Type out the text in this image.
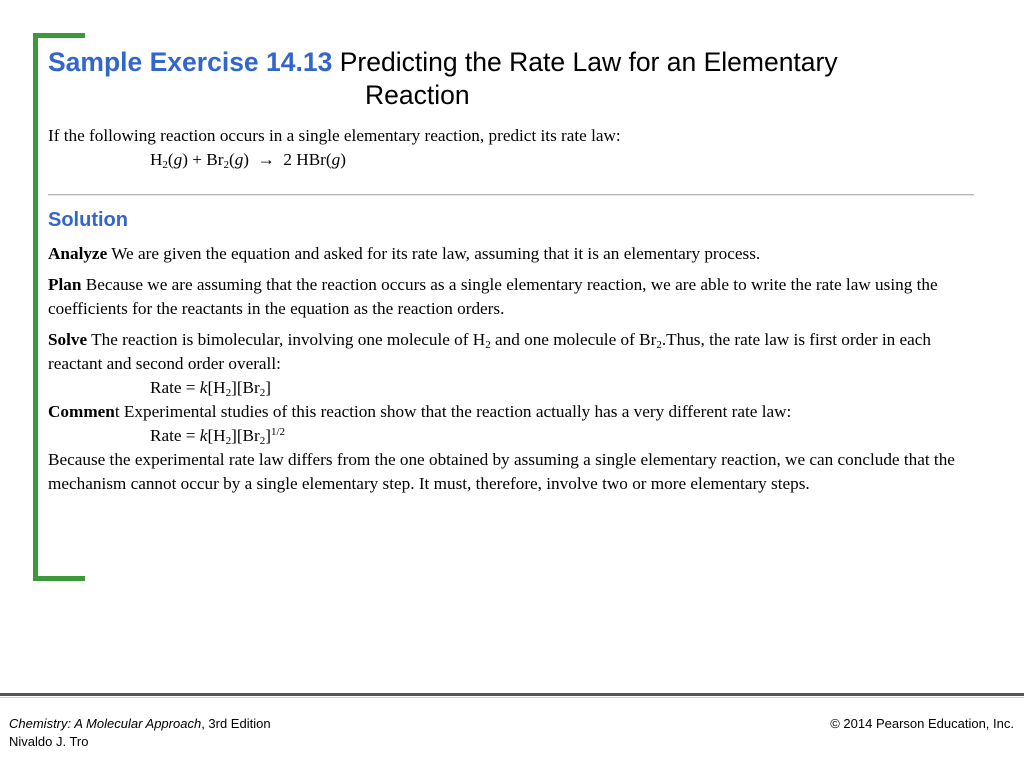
Sample Exercise 14.13 Predicting the Rate Law for an Elementary
Reaction
If the following reaction occurs in a single elementary reaction, predict its rate law:
$H_2(g) + Br_2(g) \to 2$ HBr(g)
Solution
Analyze We are given the equation and asked for its rate law, assuming that it is an elementary process.
Plan Because we are assuming that the reaction occurs as a single elementary reaction, we are able to write the rate law using the coefficients for the reactants in the equation as the reaction orders.
Solve The reaction is bimolecular, involving one molecule of $H_2$ and one molecule of $Br_2.Thus$, the rate law is first order in each reactant and second order overall:
Rate = $k[H_2][Br_2]$
Comment Experimental studies of this reaction show that the reaction actually has a very different rate law:
Rate = $k[H_2][Br_2]^{1/2}$
Because the experimental rate law differs from the one obtained by assuming a single elementary reaction, we can conclude that the mechanism cannot occur by a single elementary step. It must, therefore, involve two or more elementary steps.
Chemistry: A Molecular Approach, 3rd Edition
Nivaldo J. Tro
© 2014 Pearson Education, Inc.
